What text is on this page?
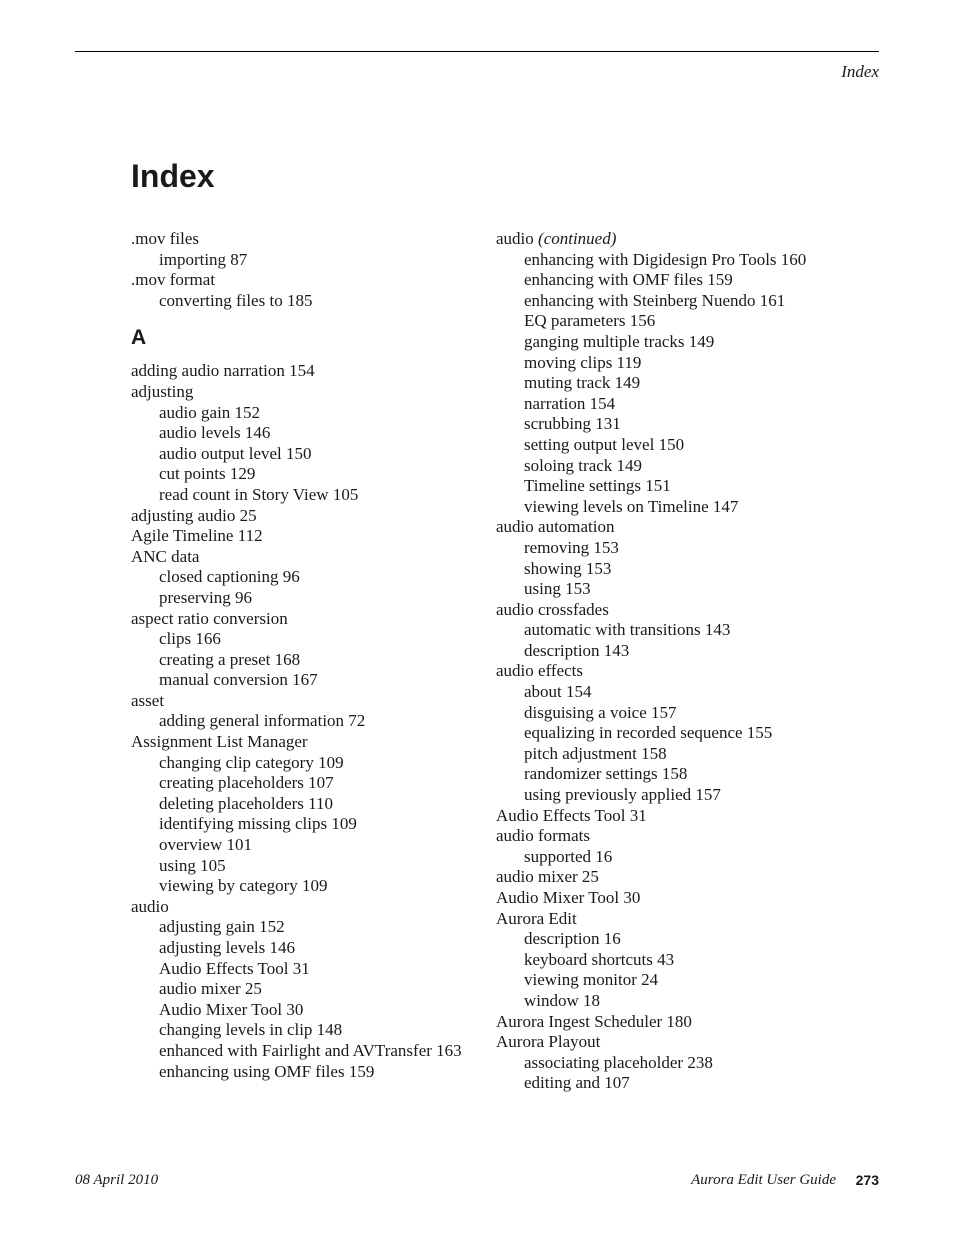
Index
Index
.mov files
importing 87
.mov format
converting files to 185
A
adding audio narration 154
adjusting
audio gain 152
audio levels 146
audio output level 150
cut points 129
read count in Story View 105
adjusting audio 25
Agile Timeline 112
ANC data
closed captioning 96
preserving 96
aspect ratio conversion
clips 166
creating a preset 168
manual conversion 167
asset
adding general information 72
Assignment List Manager
changing clip category 109
creating placeholders 107
deleting placeholders 110
identifying missing clips 109
overview 101
using 105
viewing by category 109
audio
adjusting gain 152
adjusting levels 146
Audio Effects Tool 31
audio mixer 25
Audio Mixer Tool 30
changing levels in clip 148
enhanced with Fairlight and AVTransfer 163
enhancing using OMF files 159
audio (continued)
enhancing with Digidesign Pro Tools 160
enhancing with OMF files 159
enhancing with Steinberg Nuendo 161
EQ parameters 156
ganging multiple tracks 149
moving clips 119
muting track 149
narration 154
scrubbing 131
setting output level 150
soloing track 149
Timeline settings 151
viewing levels on Timeline 147
audio automation
removing 153
showing 153
using 153
audio crossfades
automatic with transitions 143
description 143
audio effects
about 154
disguising a voice 157
equalizing in recorded sequence 155
pitch adjustment 158
randomizer settings 158
using previously applied 157
Audio Effects Tool 31
audio formats
supported 16
audio mixer 25
Audio Mixer Tool 30
Aurora Edit
description 16
keyboard shortcuts 43
viewing monitor 24
window 18
Aurora Ingest Scheduler 180
Aurora Playout
associating placeholder 238
editing and 107
08 April 2010	Aurora Edit User Guide 273
